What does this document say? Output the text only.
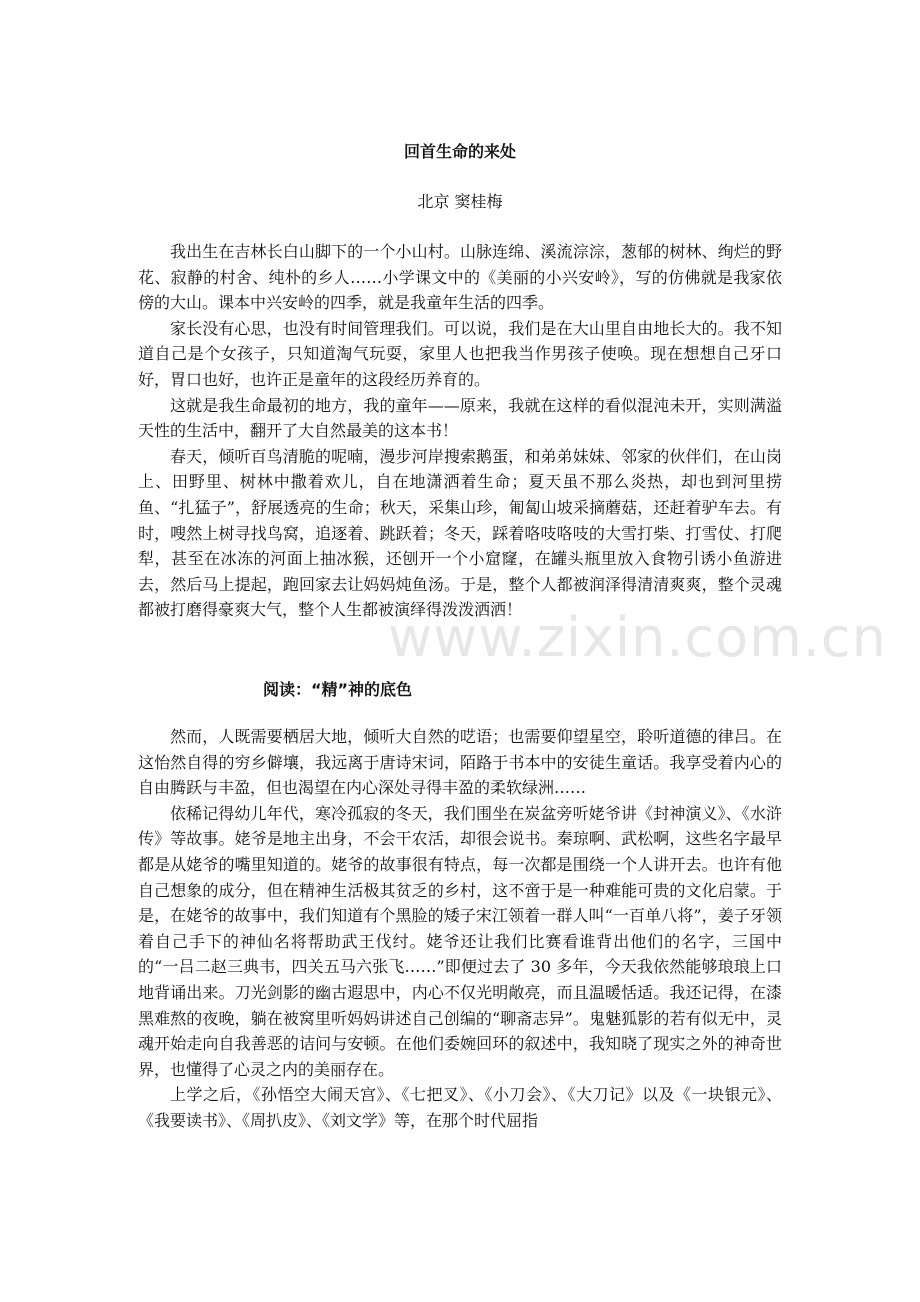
回首生命的来处
北京 窦桂梅

我出生在吉林长白山脚下的一个小山村。山脉连绵、溪流淙淙，葱郁的树林、绚烂的野花、寂静的村舍、纯朴的乡人……小学课文中的《美丽的小兴安岭》，写的仿佛就是我家依傍的大山。课本中兴安岭的四季，就是我童年生活的四季。

家长没有心思，也没有时间管理我们。可以说，我们是在大山里自由地长大的。我不知道自己是个女孩子，只知道淘气玩耍，家里人也把我当作男孩子使唤。现在想想自己牙口好，胃口也好，也许正是童年的这段经历养育的。

这就是我生命最初的地方，我的童年——原来，我就在这样的看似混沌未开，实则满溢天性的生活中，翻开了大自然最美的这本书！

春天，倾听百鸟清脆的呢喃，漫步河岸搜索鹅蛋，和弟弟妹妹、邻家的伙伴们，在山岗上、田野里、树林中撒着欢儿，自在地潇洒着生命；夏天虽不那么炎热，却也到河里捞鱼、“扎猛子”，舒展透亮的生命；秋天，采集山珍，匍匐山坡采摘蘑菇，还赶着驴车去。有时，嗖然上树寻找鸟窝，追逐着、跳跃着；冬天，踩着咯吱咯吱的大雪打柴、打雪仗、打爬犁，甚至在冰冻的河面上抽冰猴，还刨开一个小窟窿，在罐头瓶里放入食物引诱小鱼游进去，然后马上提起，跑回家去让妈妈炖鱼汤。于是，整个人都被润泽得清清爽爽，整个灵魂都被打磨得豪爽大气，整个人生都被演绎得泼泼洒洒！

www.zixin.com.cn
阅读：“精”神的底色

然而，人既需要栖居大地，倾听大自然的呓语；也需要仰望星空，聆听道德的律吕。在这怡然自得的穷乡僻壤，我远离于唐诗宋词，陌路于书本中的安徒生童话。我享受着内心的自由腾跃与丰盈，但也渴望在内心深处寻得丰盈的柔软绿洲……

依稀记得幼儿年代，寒冷孤寂的冬天，我们围坐在炭盆旁听姥爷讲《封神演义》、《水浒传》等故事。姥爷是地主出身，不会干农活，却很会说书。秦琼啊、武松啊，这些名字最早都是从姥爷的嘴里知道的。姥爷的故事很有特点，每一次都是围绕一个人讲开去。也许有他自己想象的成分，但在精神生活极其贫乏的乡村，这不啻于是一种难能可贵的文化启蒙。于是，在姥爷的故事中，我们知道有个黑脸的矮子宋江领着一群人叫“一百单八将”，姜子牙领着自己手下的神仙名将帮助武王伐纣。姥爷还让我们比赛看谁背出他们的名字，三国中的“一吕二赵三典韦，四关五马六张飞……”即便过去了 30 多年，今天我依然能够琅琅上口地背诵出来。刀光剑影的幽古遐思中，内心不仅光明敞亮，而且温暖恬适。我还记得，在漆黑难熬的夜晚，躺在被窝里听妈妈讲述自己创编的“聊斋志异”。鬼魅狐影的若有似无中，灵魂开始走向自我善恶的诘问与安顿。在他们委婉回环的叙述中，我知晓了现实之外的神奇世界，也懂得了心灵之内的美丽存在。

上学之后，《孙悟空大闹天宫》、《七把叉》、《小刀会》、《大刀记》以及《一块银元》、《我要读书》、《周扒皮》、《刘文学》等，在那个时代屈指
